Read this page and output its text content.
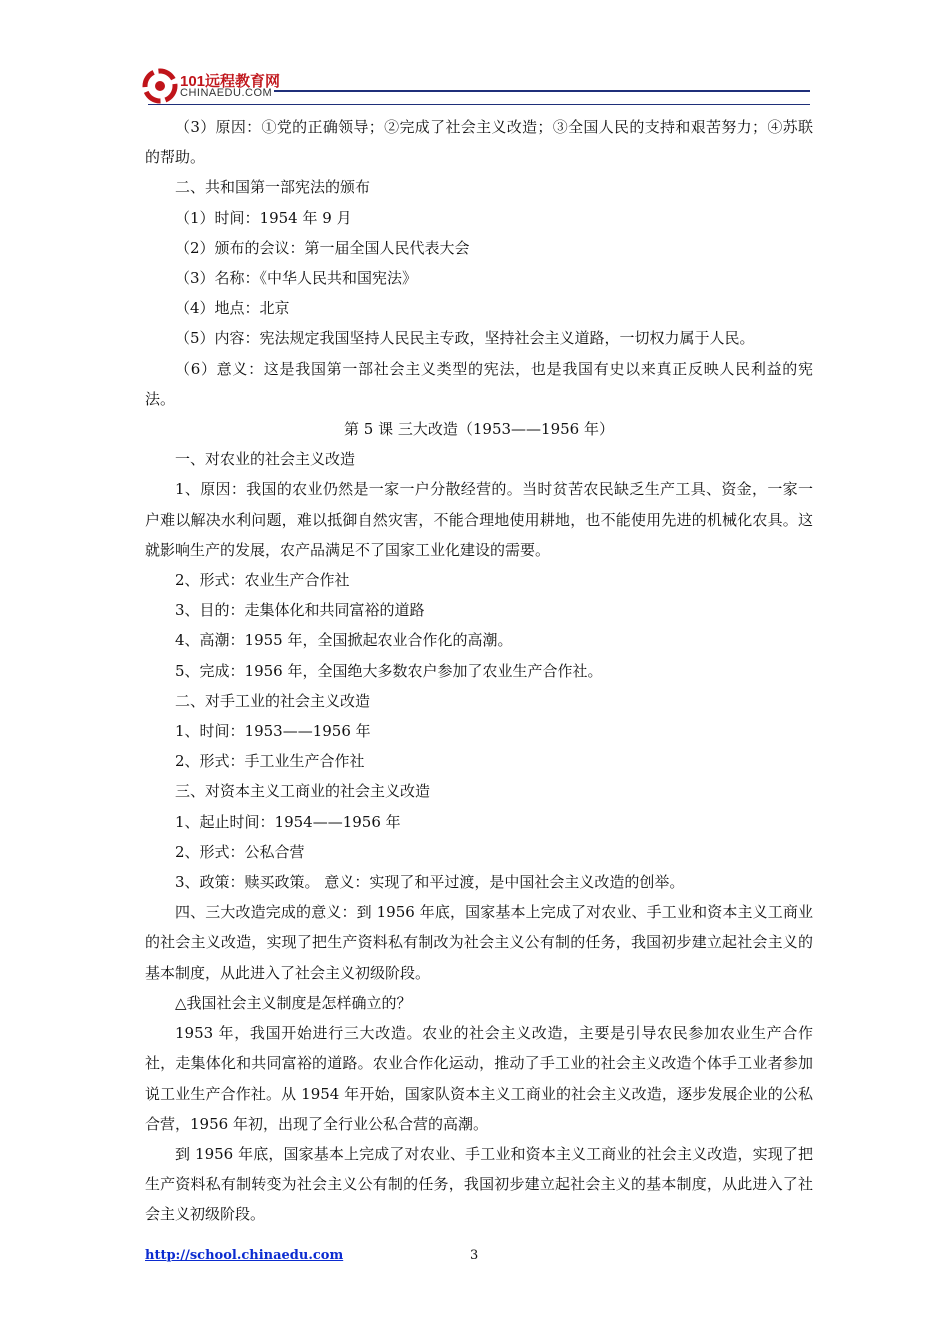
101远程教育网
CHINAEDU.COM

（3）原因：①党的正确领导；②完成了社会主义改造；③全国人民的支持和艰苦努力；④苏联的帮助。

二、共和国第一部宪法的颁布

（1）时间：1954 年 9 月

（2）颁布的会议：第一届全国人民代表大会

（3）名称：《中华人民共和国宪法》

（4）地点：北京

（5）内容：宪法规定我国坚持人民民主专政，坚持社会主义道路，一切权力属于人民。

（6）意义：这是我国第一部社会主义类型的宪法，也是我国有史以来真正反映人民利益的宪法。

第 5 课 三大改造（1953——1956 年）

一、对农业的社会主义改造

1、原因：我国的农业仍然是一家一户分散经营的。当时贫苦农民缺乏生产工具、资金，一家一户难以解决水利问题，难以抵御自然灾害，不能合理地使用耕地，也不能使用先进的机械化农具。这就影响生产的发展，农产品满足不了国家工业化建设的需要。

2、形式：农业生产合作社

3、目的：走集体化和共同富裕的道路

4、高潮：1955 年，全国掀起农业合作化的高潮。

5、完成：1956 年，全国绝大多数农户参加了农业生产合作社。

二、对手工业的社会主义改造

1、时间：1953——1956 年

2、形式：手工业生产合作社

三、对资本主义工商业的社会主义改造

1、起止时间：1954——1956 年

2、形式：公私合营

3、政策：赎买政策。 意义：实现了和平过渡，是中国社会主义改造的创举。

四、三大改造完成的意义：到 1956 年底，国家基本上完成了对农业、手工业和资本主义工商业的社会主义改造，实现了把生产资料私有制改为社会主义公有制的任务，我国初步建立起社会主义的基本制度，从此进入了社会主义初级阶段。

△我国社会主义制度是怎样确立的？

1953 年，我国开始进行三大改造。农业的社会主义改造，主要是引导农民参加农业生产合作社，走集体化和共同富裕的道路。农业合作化运动，推动了手工业的社会主义改造个体手工业者参加说工业生产合作社。从 1954 年开始，国家队资本主义工商业的社会主义改造，逐步发展企业的公私合营，1956 年初，出现了全行业公私合营的高潮。

到 1956 年底，国家基本上完成了对农业、手工业和资本主义工商业的社会主义改造，实现了把生产资料私有制转变为社会主义公有制的任务，我国初步建立起社会主义的基本制度，从此进入了社会主义初级阶段。

http://school.chinaedu.com	3
